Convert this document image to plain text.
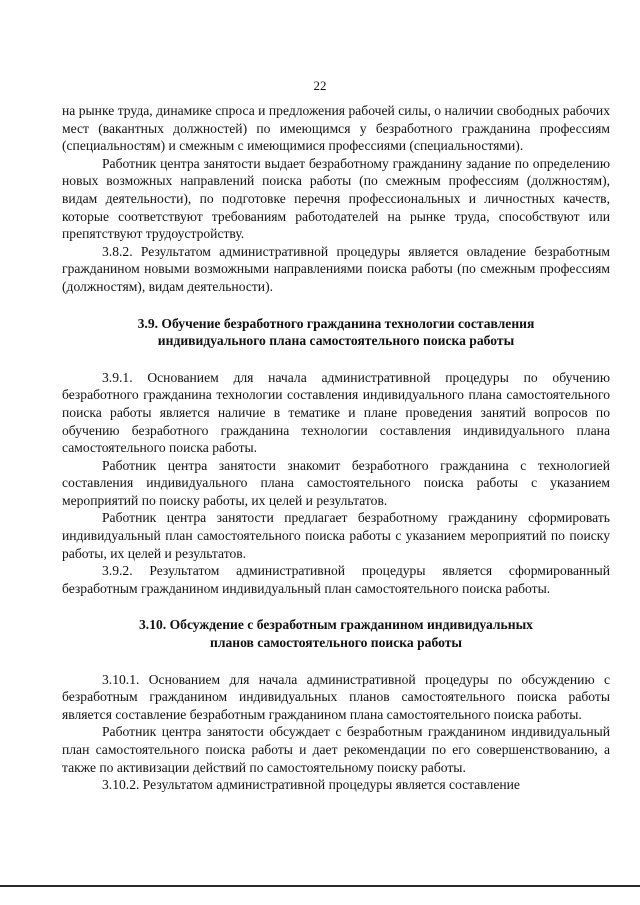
22

на рынке труда, динамике спроса и предложения рабочей силы, о наличии свободных рабочих мест (вакантных должностей) по имеющимся у безработного гражданина профессиям (специальностям) и смежным с имеющимися профессиями (специальностями).

Работник центра занятости выдает безработному гражданину задание по определению новых возможных направлений поиска работы (по смежным профессиям (должностям), видам деятельности), по подготовке перечня профессиональных и личностных качеств, которые соответствуют требованиям работодателей на рынке труда, способствуют или препятствуют трудоустройству.

3.8.2. Результатом административной процедуры является овладение безработным гражданином новыми возможными направлениями поиска работы (по смежным профессиям (должностям), видам деятельности).

3.9. Обучение безработного гражданина технологии составления
индивидуального плана самостоятельного поиска работы

3.9.1. Основанием для начала административной процедуры по обучению безработного гражданина технологии составления индивидуального плана самостоятельного поиска работы является наличие в тематике и плане проведения занятий вопросов по обучению безработного гражданина технологии составления индивидуального плана самостоятельного поиска работы.

Работник центра занятости знакомит безработного гражданина с технологией составления индивидуального плана самостоятельного поиска работы с указанием мероприятий по поиску работы, их целей и результатов.

Работник центра занятости предлагает безработному гражданину сформировать индивидуальный план самостоятельного поиска работы с указанием мероприятий по поиску работы, их целей и результатов.

3.9.2. Результатом административной процедуры является сформированный безработным гражданином индивидуальный план самостоятельного поиска работы.

3.10. Обсуждение с безработным гражданином индивидуальных
планов самостоятельного поиска работы

3.10.1. Основанием для начала административной процедуры по обсуждению с безработным гражданином индивидуальных планов самостоятельного поиска работы является составление безработным гражданином плана самостоятельного поиска работы.

Работник центра занятости обсуждает с безработным гражданином индивидуальный план самостоятельного поиска работы и дает рекомендации по его совершенствованию, а также по активизации действий по самостоятельному поиску работы.

3.10.2. Результатом административной процедуры является составление
